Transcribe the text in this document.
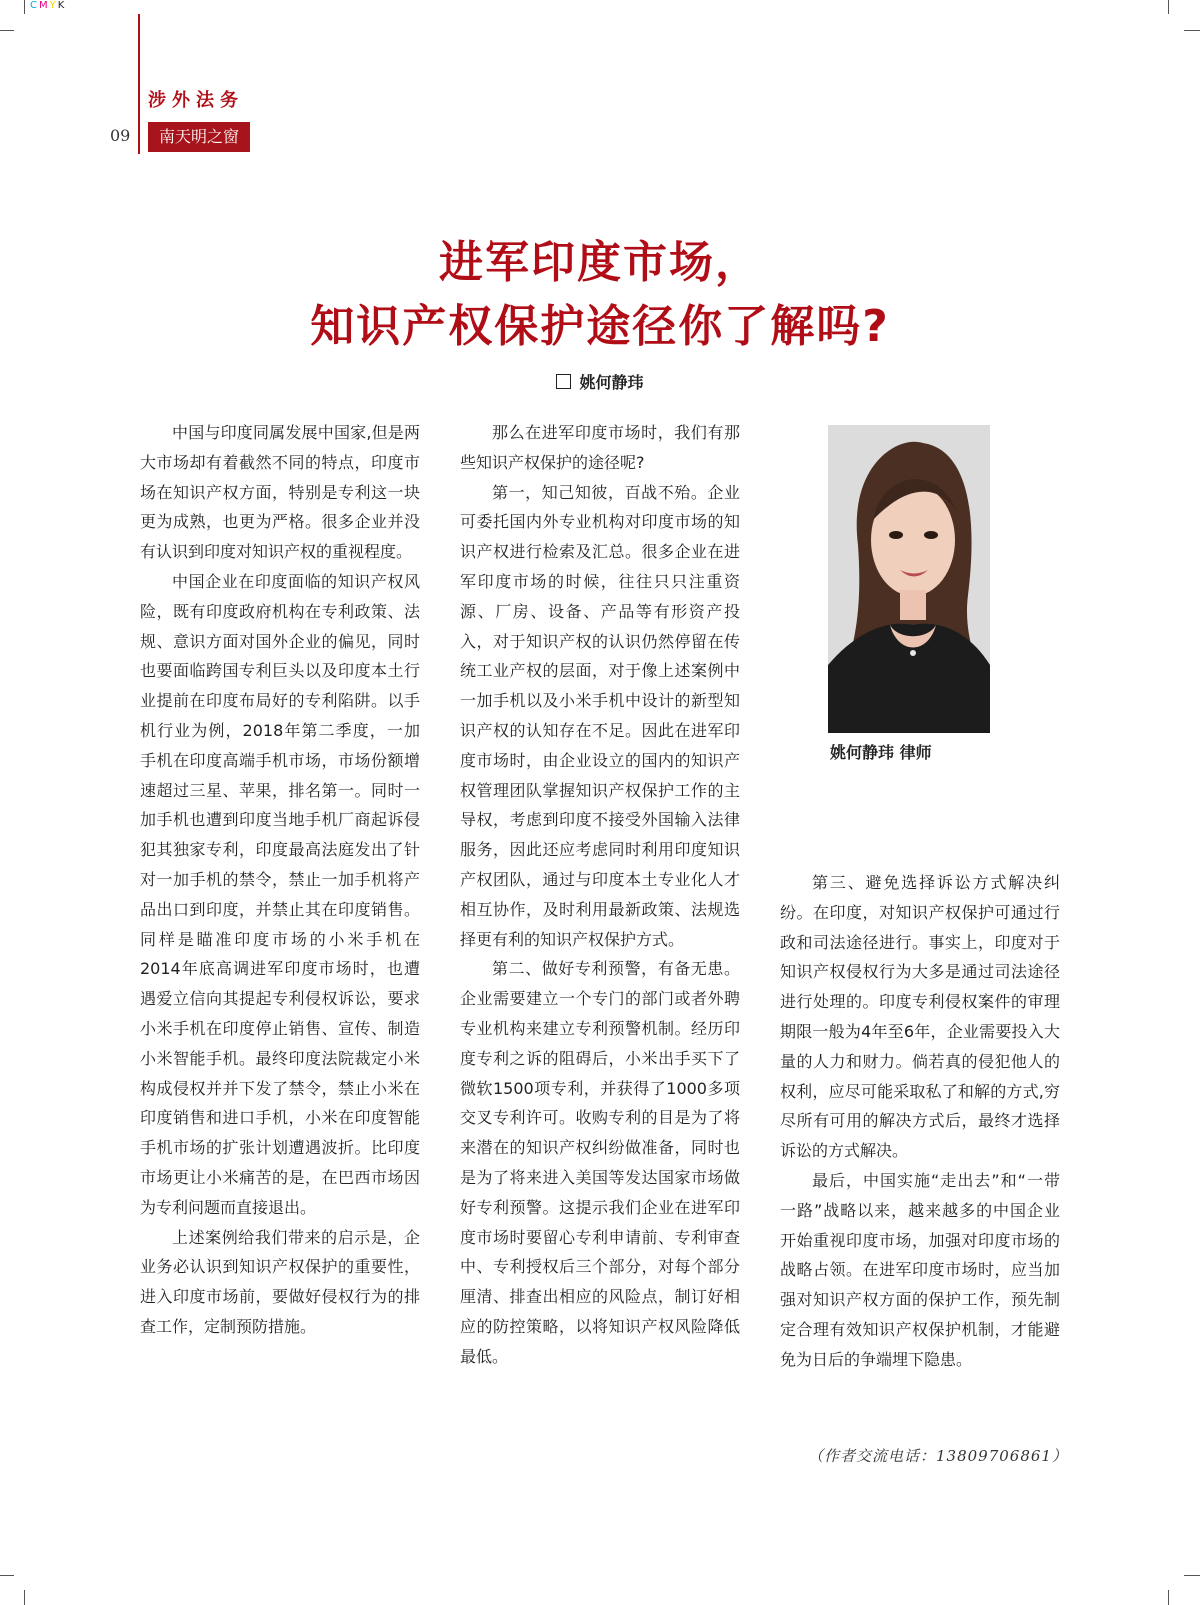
CMYK
涉外法务
09	南天明之窗
进军印度市场，
知识产权保护途径你了解吗?
姚何静玮

中国与印度同属发展中国家,但是两大市场却有着截然不同的特点，印度市场在知识产权方面，特别是专利这一块更为成熟，也更为严格。很多企业并没有认识到印度对知识产权的重视程度。

中国企业在印度面临的知识产权风险，既有印度政府机构在专利政策、法规、意识方面对国外企业的偏见，同时也要面临跨国专利巨头以及印度本土行业提前在印度布局好的专利陷阱。以手机行业为例，2018年第二季度，一加手机在印度高端手机市场，市场份额增速超过三星、苹果，排名第一。同时一加手机也遭到印度当地手机厂商起诉侵犯其独家专利，印度最高法庭发出了针对一加手机的禁令，禁止一加手机将产品出口到印度，并禁止其在印度销售。同样是瞄准印度市场的小米手机在2014年底高调进军印度市场时，也遭遇爱立信向其提起专利侵权诉讼，要求小米手机在印度停止销售、宣传、制造小米智能手机。最终印度法院裁定小米构成侵权并并下发了禁令，禁止小米在印度销售和进口手机，小米在印度智能手机市场的扩张计划遭遇波折。比印度市场更让小米痛苦的是，在巴西市场因为专利问题而直接退出。

上述案例给我们带来的启示是，企业务必认识到知识产权保护的重要性，进入印度市场前，要做好侵权行为的排查工作，定制预防措施。

那么在进军印度市场时，我们有那些知识产权保护的途径呢?

第一，知己知彼，百战不殆。企业可委托国内外专业机构对印度市场的知识产权进行检索及汇总。很多企业在进军印度市场的时候，往往只只注重资源、厂房、设备、产品等有形资产投入，对于知识产权的认识仍然停留在传统工业产权的层面，对于像上述案例中一加手机以及小米手机中设计的新型知识产权的认知存在不足。因此在进军印度市场时，由企业设立的国内的知识产权管理团队掌握知识产权保护工作的主导权，考虑到印度不接受外国输入法律服务，因此还应考虑同时利用印度知识产权团队，通过与印度本土专业化人才相互协作，及时利用最新政策、法规选择更有利的知识产权保护方式。

第二、做好专利预警，有备无患。企业需要建立一个专门的部门或者外聘专业机构来建立专利预警机制。经历印度专利之诉的阻碍后，小米出手买下了微软1500项专利，并获得了1000多项交叉专利许可。收购专利的目是为了将来潜在的知识产权纠纷做准备，同时也是为了将来进入美国等发达国家市场做好专利预警。这提示我们企业在进军印度市场时要留心专利申请前、专利审查中、专利授权后三个部分，对每个部分厘清、排查出相应的风险点，制订好相应的防控策略，以将知识产权风险降低最低。

姚何静玮 律师

第三、避免选择诉讼方式解决纠纷。在印度，对知识产权保护可通过行政和司法途径进行。事实上，印度对于知识产权侵权行为大多是通过司法途径进行处理的。印度专利侵权案件的审理期限一般为4年至6年，企业需要投入大量的人力和财力。倘若真的侵犯他人的权利，应尽可能采取私了和解的方式,穷尽所有可用的解决方式后，最终才选择诉讼的方式解决。

最后，中国实施“走出去”和“一带一路”战略以来，越来越多的中国企业开始重视印度市场，加强对印度市场的战略占领。在进军印度市场时，应当加强对知识产权方面的保护工作，预先制定合理有效知识产权保护机制，才能避免为日后的争端埋下隐患。

（作者交流电话：13809706861）
